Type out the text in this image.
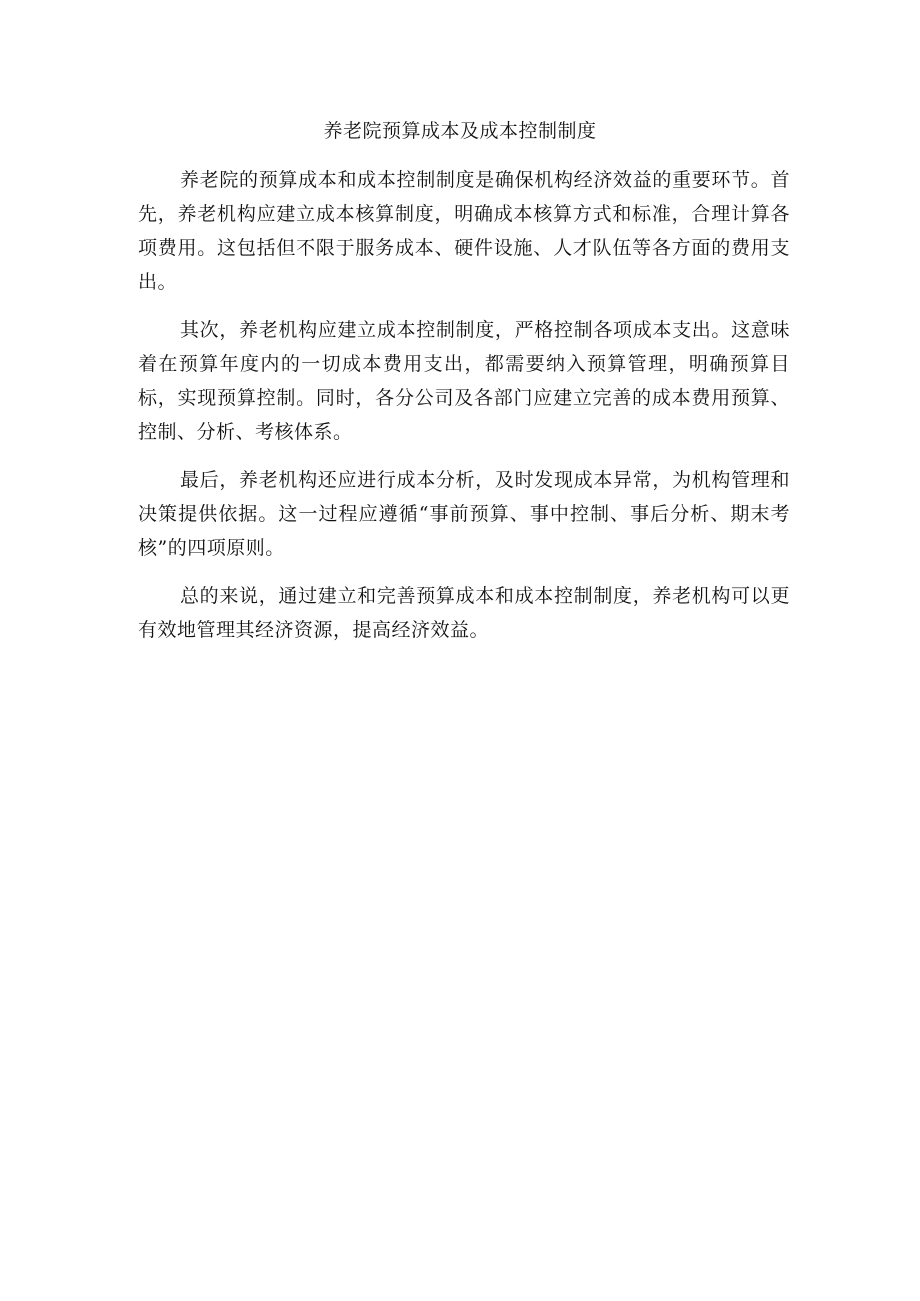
养老院预算成本及成本控制制度

养老院的预算成本和成本控制制度是确保机构经济效益的重要环节。首先，养老机构应建立成本核算制度，明确成本核算方式和标准，合理计算各项费用。这包括但不限于服务成本、硬件设施、人才队伍等各方面的费用支出。

其次，养老机构应建立成本控制制度，严格控制各项成本支出。这意味着在预算年度内的一切成本费用支出，都需要纳入预算管理，明确预算目标，实现预算控制。同时，各分公司及各部门应建立完善的成本费用预算、控制、分析、考核体系。

最后，养老机构还应进行成本分析，及时发现成本异常，为机构管理和决策提供依据。这一过程应遵循“事前预算、事中控制、事后分析、期末考核”的四项原则。

总的来说，通过建立和完善预算成本和成本控制制度，养老机构可以更有效地管理其经济资源，提高经济效益。
